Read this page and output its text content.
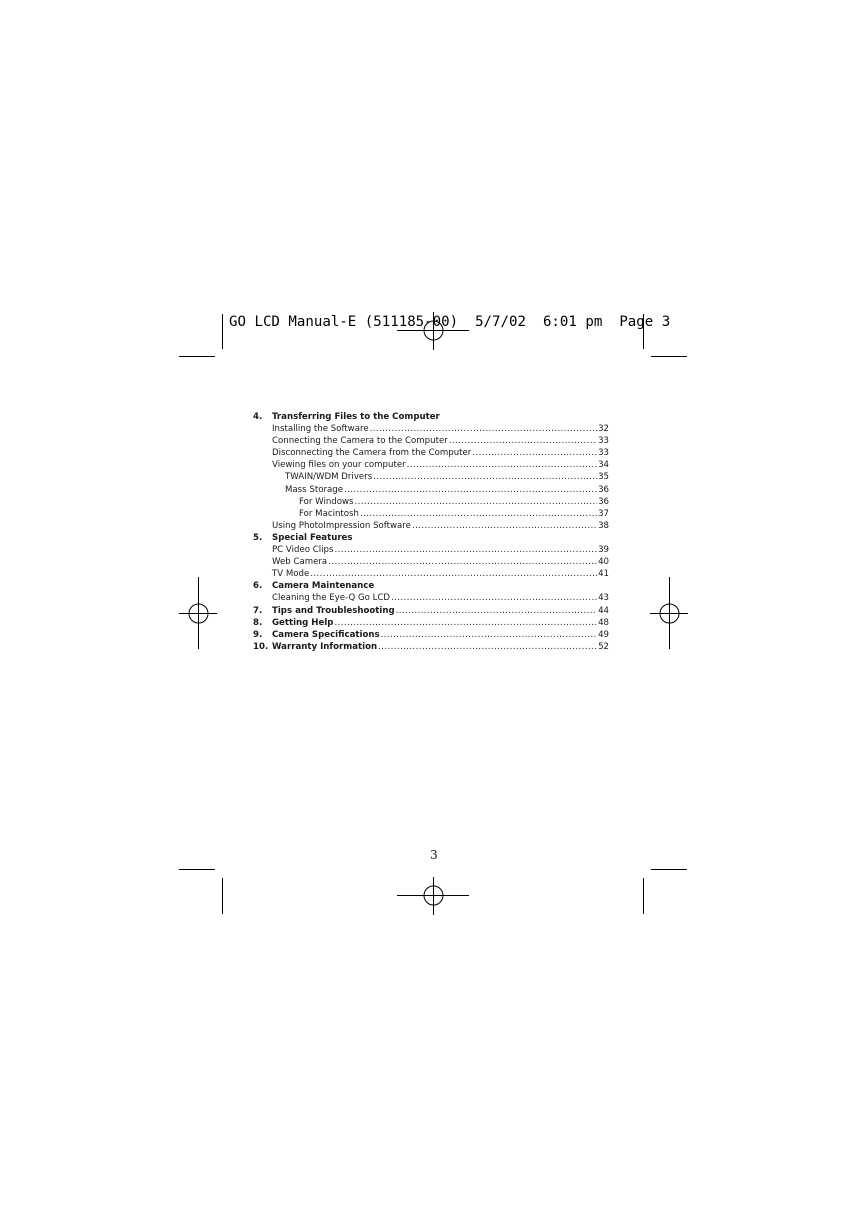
GO LCD Manual-E (511185-00)  5/7/02  6:01 pm  Page 3
4.	Transferring Files to the Computer
Installing the Software .....	32
Connecting the Camera to the Computer .....	33
Disconnecting the Camera from the Computer .....	33
Viewing files on your computer .....	34
TWAIN/WDM Drivers .....	35
Mass Storage .....	36
For Windows .....	36
For Macintosh .....	37
Using PhotoImpression Software .....	38
5.	Special Features
PC Video Clips .....	39
Web Camera .....	40
TV Mode .....	41
6.	Camera Maintenance
Cleaning the Eye-Q Go LCD .....	43
7.	Tips and Troubleshooting .....	44
8.	Getting Help .....	48
9.	Camera Specifications .....	49
10. Warranty Information .....	52
3
